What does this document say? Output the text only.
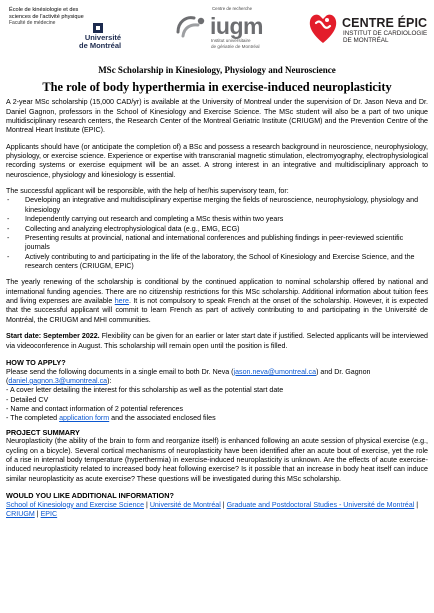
École de kinésiologie et des
sciences de l'activité physique
Faculté de médecine
Université
de Montréal
Centre de recherche
iugm
Institut universitaire
de gériatrie de Montréal
CENTRE ÉPIC
INSTITUT DE CARDIOLOGIE
DE MONTRÉAL
MSc Scholarship in Kinesiology, Physiology and Neuroscience
The role of body hyperthermia in exercise-induced neuroplasticity

A 2-year MSc scholarship (15,000 CAD/yr) is available at the University of Montreal under the supervision of Dr. Jason Neva and Dr. Daniel Gagnon, professors in the School of Kinesiology and Exercise Science. The MSc student will also be a part of two unique multidisciplinary research centers, the Research Center of the Montreal Geriatric Institute (CRIUGM) and the Prevention Centre of the Montreal Heart Institute (EPIC).

Applicants should have (or anticipate the completion of) a BSc and possess a research background in neuroscience, neurophysiology, physiology, or exercise science. Experience or expertise with transcranial magnetic stimulation, electromyography, electrophysiological recording systems or exercise equipment will be an asset. A strong interest in an integrative and multidisciplinary approach to neuroscience, physiology and kinesiology is essential.

The successful applicant will be responsible, with the help of her/his supervisory team, for:

- Developing an integrative and multidisciplinary expertise merging the fields of neuroscience, neurophysiology, physiology and kinesiology
- Independently carrying out research and completing a MSc thesis within two years
- Collecting and analyzing electrophysiological data (e.g., EMG, ECG)
- Presenting results at provincial, national and international conferences and publishing findings in peer-reviewed scientific journals
- Actively contributing to and participating in the life of the laboratory, the School of Kinesiology and Exercise Science, and the research centers (CRIUGM, EPIC)

The yearly renewing of the scholarship is conditional by the continued application to nominal scholarship offered by national and international funding agencies. There are no citizenship restrictions for this MSc scholarship. Additional information about tuition fees and living expenses are available here. It is not compulsory to speak French at the onset of the scholarship. However, it is expected that the successful applicant will commit to learn French as part of actively contributing to and participating in the Université de Montréal, the CRIUGM and MHI communities.

Start date: September 2022. Flexibility can be given for an earlier or later start date if justified. Selected applicants will be interviewed via videoconference in August. This scholarship will remain open until the position is filled.

HOW TO APPLY?
Please send the following documents in a single email to both Dr. Neva (jason.neva@umontreal.ca) and Dr. Gagnon
(daniel.gagnon.3@umontreal.ca):
- A cover letter detailing the interest for this scholarship as well as the potential start date
- Detailed CV
- Name and contact information of 2 potential references
- The completed application form and the associated enclosed files
PROJECT SUMMARY

Neuroplasticity (the ability of the brain to form and reorganize itself) is enhanced following an acute session of physical exercise (e.g., cycling on a bicycle). Several cortical mechanisms of neuroplasticity have been identified after an acute bout of exercise, yet the role of a rise in internal body temperature (hyperthermia) in exercise-induced neuroplasticity is unknown. Are the effects of acute exercise-induced neuroplasticity related to increased body heat following exercise? Is it possible that an increase in body heat itself can induce similar neuroplasticity as acute exercise? These questions will be investigated during this MSc scholarship.

WOULD YOU LIKE ADDITIONAL INFORMATION?
School of Kinesiology and Exercise Science | Université de Montréal | Graduate and Postdoctoral Studies - Université de Montréal | CRIUGM | EPIC
